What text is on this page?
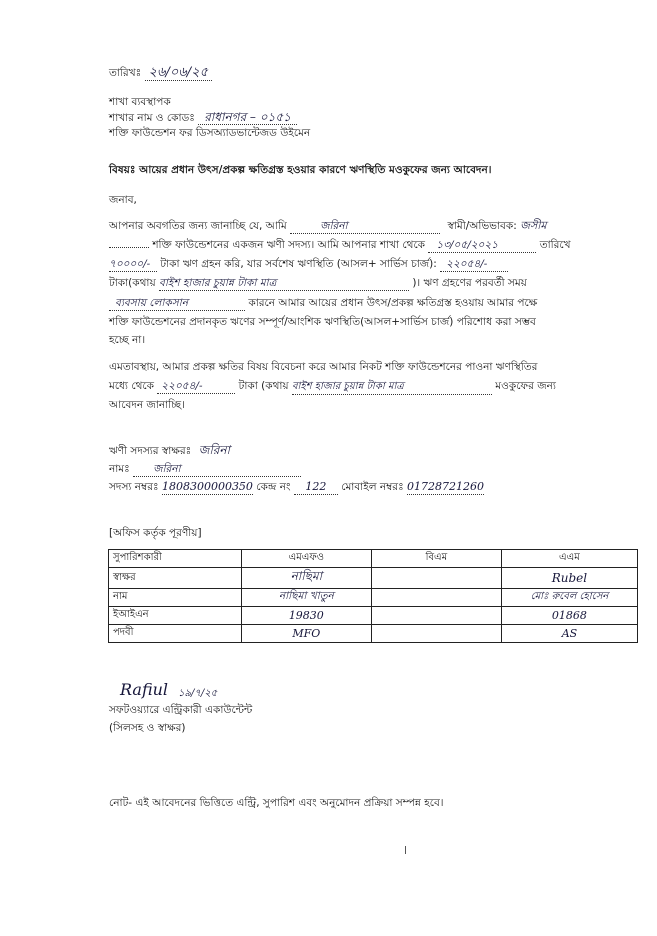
তারিখঃ ২৬/০৬/২৫
শাখা ব্যবস্থাপক
শাখার নাম ও কোডঃ রাধানগর – ০১৫১
শক্তি ফাউন্ডেশন ফর ডিসঅ্যাডভান্টেজড উইমেন
বিষয়ঃ আয়ের প্রধান উৎস/প্রকল্প ক্ষতিগ্রস্ত হওয়ার কারণে ঋণস্থিতি মওকুফের জন্য আবেদন।
জনাব,
আপনার অবগতির জন্য জানাচ্ছি যে, আমি	জরিনা	স্বামী/অভিভাবক: জসীম
শক্তি ফাউন্ডেশনের একজন ঋণী সদস্য। আমি আপনার শাখা থেকে ১৩/০৫/২০২১	তারিখে
৭০০০০/- টাকা ঋণ গ্রহন করি, যার সর্বশেষ ঋণস্থিতি (আসল+ সার্ভিস চার্জ): ২২০৫৪/-
টাকা(কথায় বাইশ হাজার চুয়ান্ন টাকা মাত্র	)। ঋণ গ্রহণের পরবর্তী সময়
ব্যবসায় লোকসান	কারনে আমার আয়ের প্রধান উৎস/প্রকল্প ক্ষতিগ্রস্ত হওয়ায় আমার পক্ষে
শক্তি ফাউন্ডেশনের প্রদানকৃত ঋণের সম্পূর্ণ/আংশিক ঋণস্থিতি(আসল+সার্ভিস চার্জ) পরিশোধ করা সম্ভব
হচ্ছে না।
এমতাবস্থায়, আমার প্রকল্প ক্ষতির বিষয় বিবেচনা করে আমার নিকট শক্তি ফাউন্ডেশনের পাওনা ঋণস্থিতির
মধ্যে থেকে ২২০৫৪/-	টাকা (কথায় বাইশ হাজার চুয়ান্ন টাকা মাত্র	মওকুফের জন্য
আবেদন জানাচ্ছি।
ঋণী সদস্যর স্বাক্ষরঃ জরিনা
নামঃ জরিনা
সদস্য নম্বরঃ 1808300000350 কেন্দ্র নং 122 মোবাইল নম্বরঃ 01728721260
[অফিস কর্তৃক পূরণীয়]
সুপারিশকারী	এমএফও	বিএম	এএম
স্বাক্ষর	নাছিমা		Rubel
নাম	নাছিমা খাতুন		মোঃ রুবেল হোসেন
ইআইএন	19830		01868
পদবী	MFO		AS
Rafiul ১৯/৭/২৫
সফটওয়্যারে এন্ট্রিকারী একাউন্টেন্ট
(সিলসহ ও স্বাক্ষর)
নোট- এই আবেদনের ভিত্তিতে এন্ট্রি, সুপারিশ এবং অনুমোদন প্রক্রিয়া সম্পন্ন হবে।
